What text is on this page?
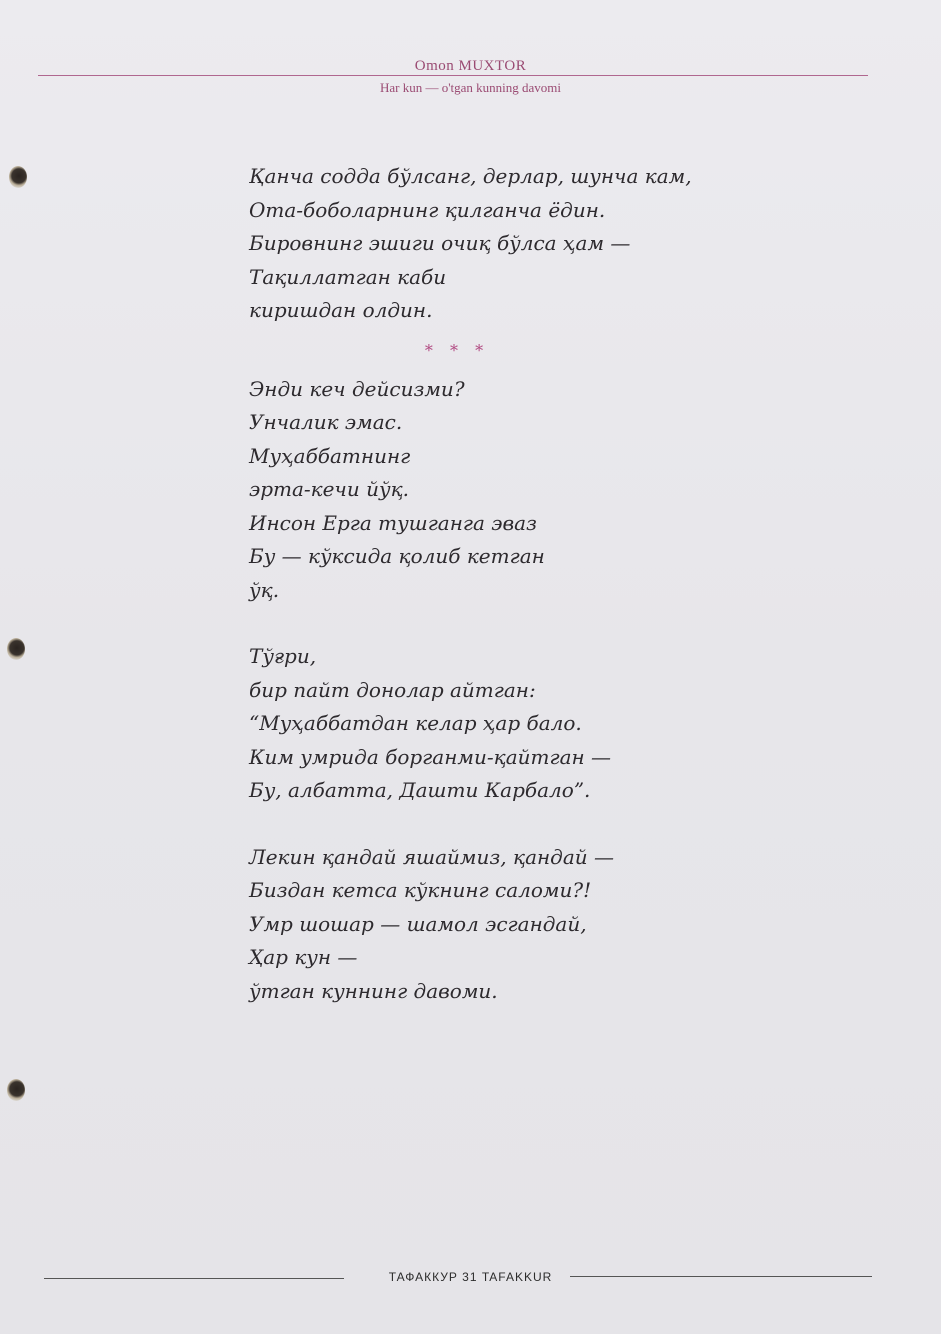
Omon MUXTOR
Har kun — o'tgan kunning davomi
Қанча содда бўлсанг, дерлар, шунча кам,
Ота-боболарнинг қилганча ёдин.
Бировнинг эшиги очиқ бўлса ҳам —
Тақиллатган каби
киришдан олдин.
* * *
Энди кеч дейсизми?
Унчалик эмас.
Муҳаббатнинг
эрта-кечи йўқ.
Инсон Ерга тушганга эваз
Бу — кўксида қолиб кетган
ўқ.
Тўғри,
бир пайт донолар айтган:
“Муҳаббатдан келар ҳар бало.
Ким умрида борганми-қайтган —
Бу, албатта, Дашти Карбало”.
Лекин қандай яшаймиз, қандай —
Биздан кетса кўкнинг саломи?!
Умр шошар — шамол эсгандай,
Ҳар кун —
ўтган куннинг давоми.
ТАФАККУР 31 TAFAKKUR
